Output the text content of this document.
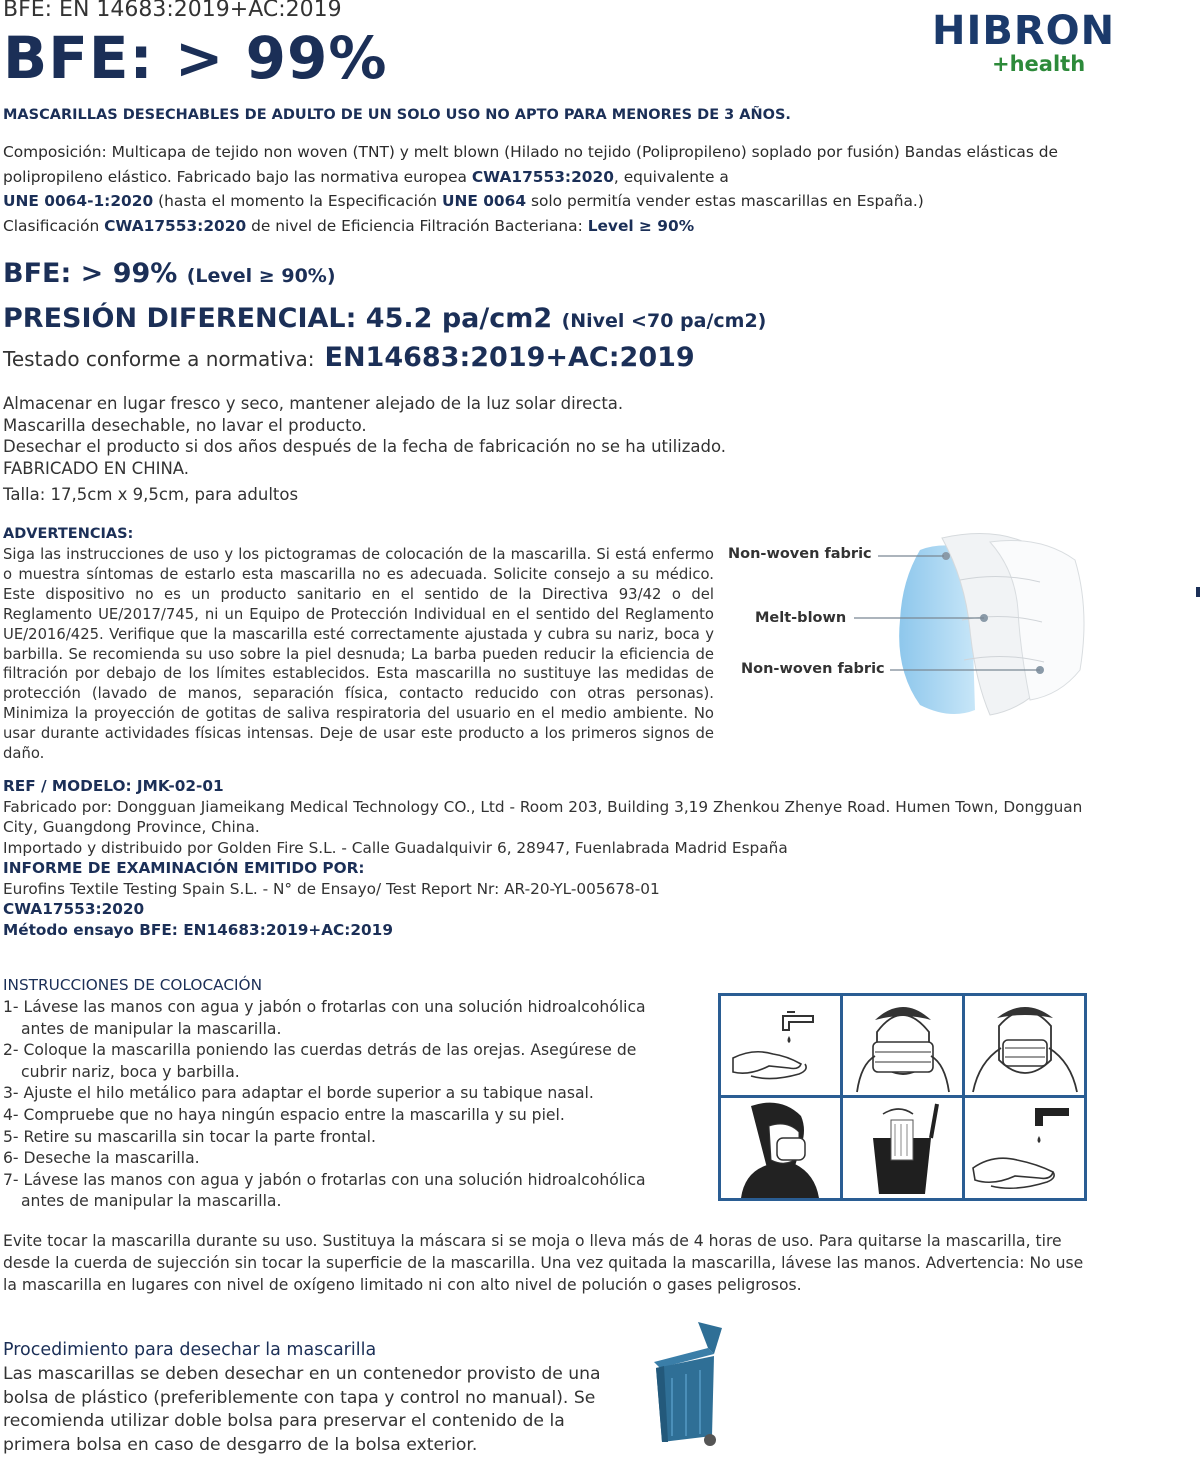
BFE: EN 14683:2019+AC:2019
BFE: > 99%	HIBRON
+health
MASCARILLAS DESECHABLES DE ADULTO DE UN SOLO USO NO APTO PARA MENORES DE 3 AÑOS.
Composición: Multicapa de tejido non woven (TNT) y melt blown (Hilado no tejido (Polipropileno) soplado por fusión) Bandas elásticas de
polipropileno elástico. Fabricado bajo las normativa europea CWA17553:2020, equivalente a
UNE 0064-1:2020 (hasta el momento la Especificación UNE 0064 solo permitía vender estas mascarillas en España.)
Clasificación CWA17553:2020 de nivel de Eficiencia Filtración Bacteriana: Level ≥ 90%
BFE: > 99% (Level ≥ 90%)
PRESIÓN DIFERENCIAL: 45.2 pa/cm2 (Nivel <70 pa/cm2)
Testado conforme a normativa: EN14683:2019+AC:2019
Almacenar en lugar fresco y seco, mantener alejado de la luz solar directa.
Mascarilla desechable, no lavar el producto.
Desechar el producto si dos años después de la fecha de fabricación no se ha utilizado.
FABRICADO EN CHINA.
Talla: 17,5cm x 9,5cm, para adultos
ADVERTENCIAS:

Siga las instrucciones de uso y los pictogramas de colocación de la mascarilla. Si está enfermo o muestra síntomas de estarlo esta mascarilla no es adecuada. Solicite consejo a su médico. Este dispositivo no es un producto sanitario en el sentido de la Directiva 93/42 o del Reglamento UE/2017/745, ni un Equipo de Protección Individual en el sentido del Reglamento UE/2016/425. Verifique que la mascarilla esté correctamente ajustada y cubra su nariz, boca y barbilla. Se recomienda su uso sobre la piel desnuda; La barba pueden reducir la eficiencia de filtración por debajo de los límites establecidos. Esta mascarilla no sustituye las medidas de protección (lavado de manos, separación física, contacto reducido con otras personas). Minimiza la proyección de gotitas de saliva respiratoria del usuario en el medio ambiente. No usar durante actividades físicas intensas. Deje de usar este producto a los primeros signos de daño.

Non-woven fabric
Melt-blown
Non-woven fabric
REF / MODELO: JMK-02-01
Fabricado por: Dongguan Jiameikang Medical Technology CO., Ltd - Room 203, Building 3,19 Zhenkou Zhenye Road. Humen Town, Dongguan
City, Guangdong Province, China.
Importado y distribuido por Golden Fire S.L. - Calle Guadalquivir 6, 28947, Fuenlabrada Madrid España
INFORME DE EXAMINACIÓN EMITIDO POR:
Eurofins Textile Testing Spain S.L. - N° de Ensayo/ Test Report Nr: AR-20-YL-005678-01
CWA17553:2020
Método ensayo BFE: EN14683:2019+AC:2019
INSTRUCCIONES DE COLOCACIÓN
1- Lávese las manos con agua y jabón o frotarlas con una solución hidroalcohólica
antes de manipular la mascarilla.
2- Coloque la mascarilla poniendo las cuerdas detrás de las orejas. Asegúrese de
cubrir nariz, boca y barbilla.
3- Ajuste el hilo metálico para adaptar el borde superior a su tabique nasal.
4- Compruebe que no haya ningún espacio entre la mascarilla y su piel.
5- Retire su mascarilla sin tocar la parte frontal.
6- Deseche la mascarilla.
7- Lávese las manos con agua y jabón o frotarlas con una solución hidroalcohólica
antes de manipular la mascarilla.

Evite tocar la mascarilla durante su uso. Sustituya la máscara si se moja o lleva más de 4 horas de uso. Para quitarse la mascarilla, tire desde la cuerda de sujección sin tocar la superficie de la mascarilla. Una vez quitada la mascarilla, lávese las manos. Advertencia: No use la mascarilla en lugares con nivel de oxígeno limitado ni con alto nivel de polución o gases peligrosos.

Procedimiento para desechar la mascarilla

Las mascarillas se deben desechar en un contenedor provisto de una bolsa de plástico (preferiblemente con tapa y control no manual). Se recomienda utilizar doble bolsa para preservar el contenido de la primera bolsa en caso de desgarro de la bolsa exterior.
